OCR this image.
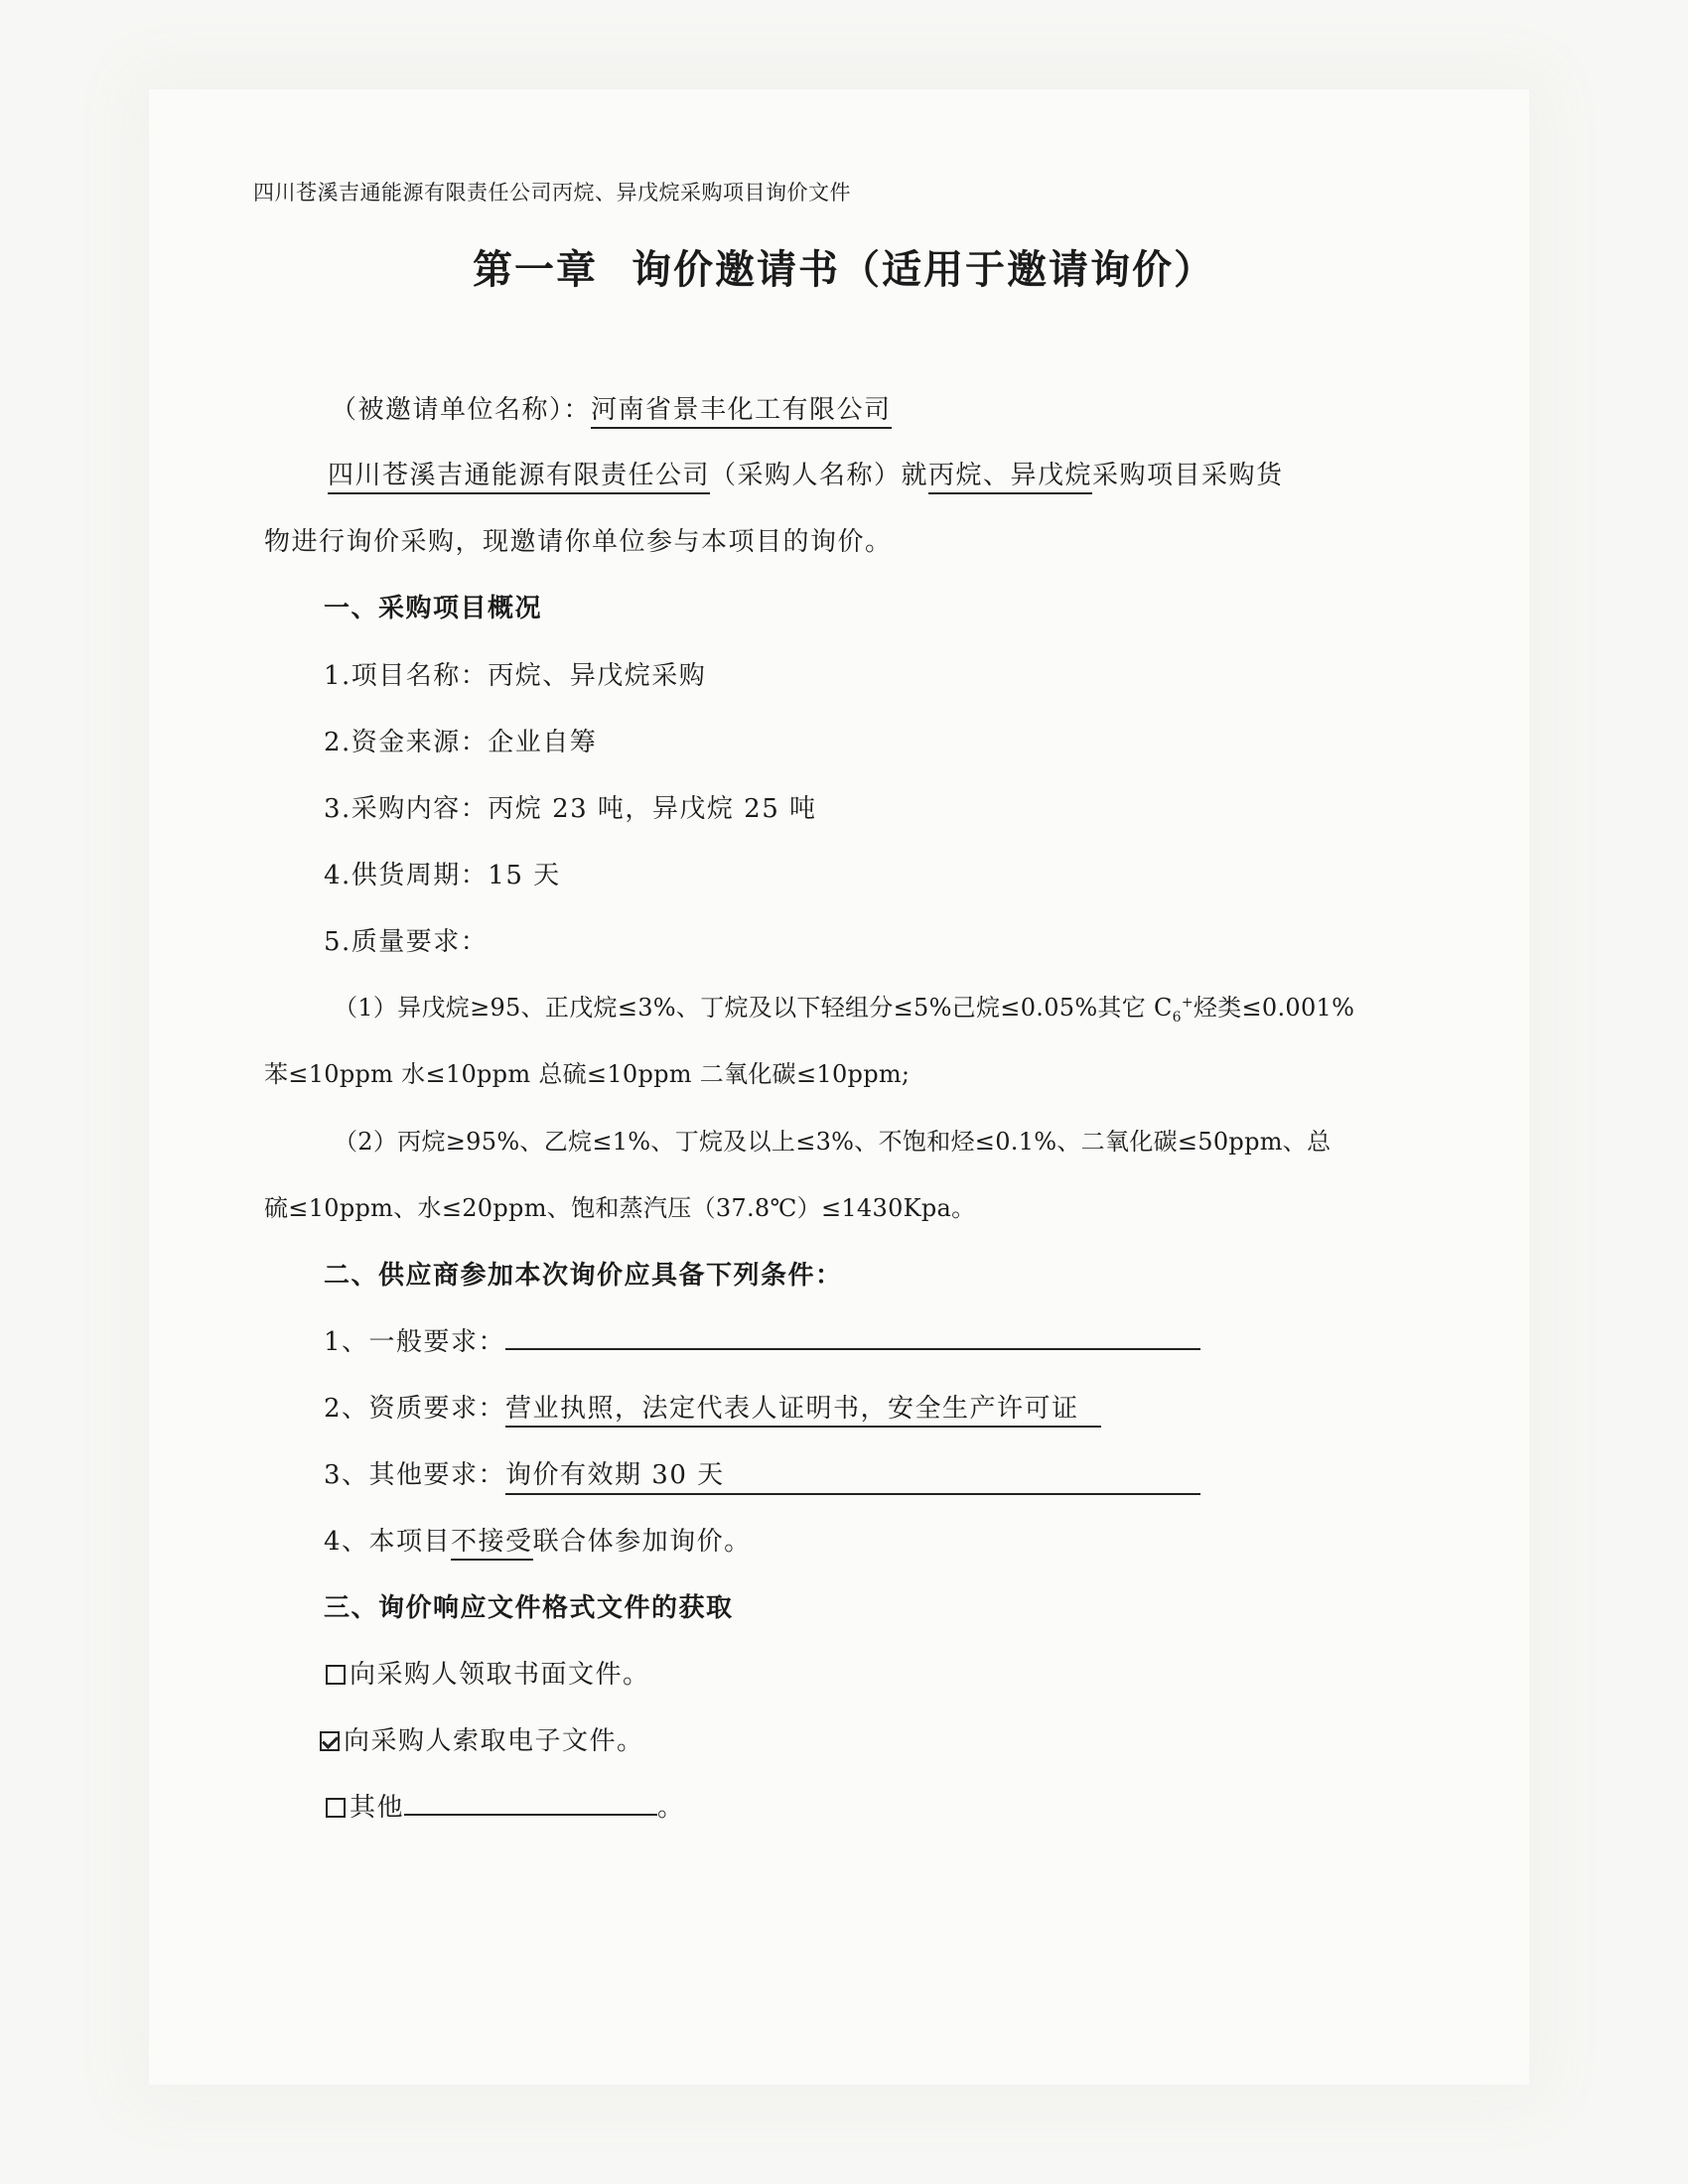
四川苍溪吉通能源有限责任公司丙烷、异戊烷采购项目询价文件
第一章 询价邀请书（适用于邀请询价）
（被邀请单位名称）：河南省景丰化工有限公司
四川苍溪吉通能源有限责任公司（采购人名称）就丙烷、异戊烷采购项目采购货
物进行询价采购，现邀请你单位参与本项目的询价。
一、采购项目概况
1.项目名称：丙烷、异戊烷采购
2.资金来源：企业自筹
3.采购内容：丙烷 23 吨，异戊烷 25 吨
4.供货周期：15 天
5.质量要求：
（1）异戊烷≥95、正戊烷≤3%、丁烷及以下轻组分≤5%己烷≤0.05%其它 $C_6^+$烃类≤0.001%
苯≤10ppm 水≤10ppm 总硫≤10ppm 二氧化碳≤10ppm;
（2）丙烷≥95%、乙烷≤1%、丁烷及以上≤3%、不饱和烃≤0.1%、二氧化碳≤50ppm、总
硫≤10ppm、水≤20ppm、饱和蒸汽压（37.8℃）≤1430Kpa。
二、供应商参加本次询价应具备下列条件：
1、一般要求：
2、资质要求：营业执照，法定代表人证明书，安全生产许可证
3、其他要求：询价有效期 30 天
4、本项目不接受联合体参加询价。
三、询价响应文件格式文件的获取
向采购人领取书面文件。
向采购人索取电子文件。
其他	。
